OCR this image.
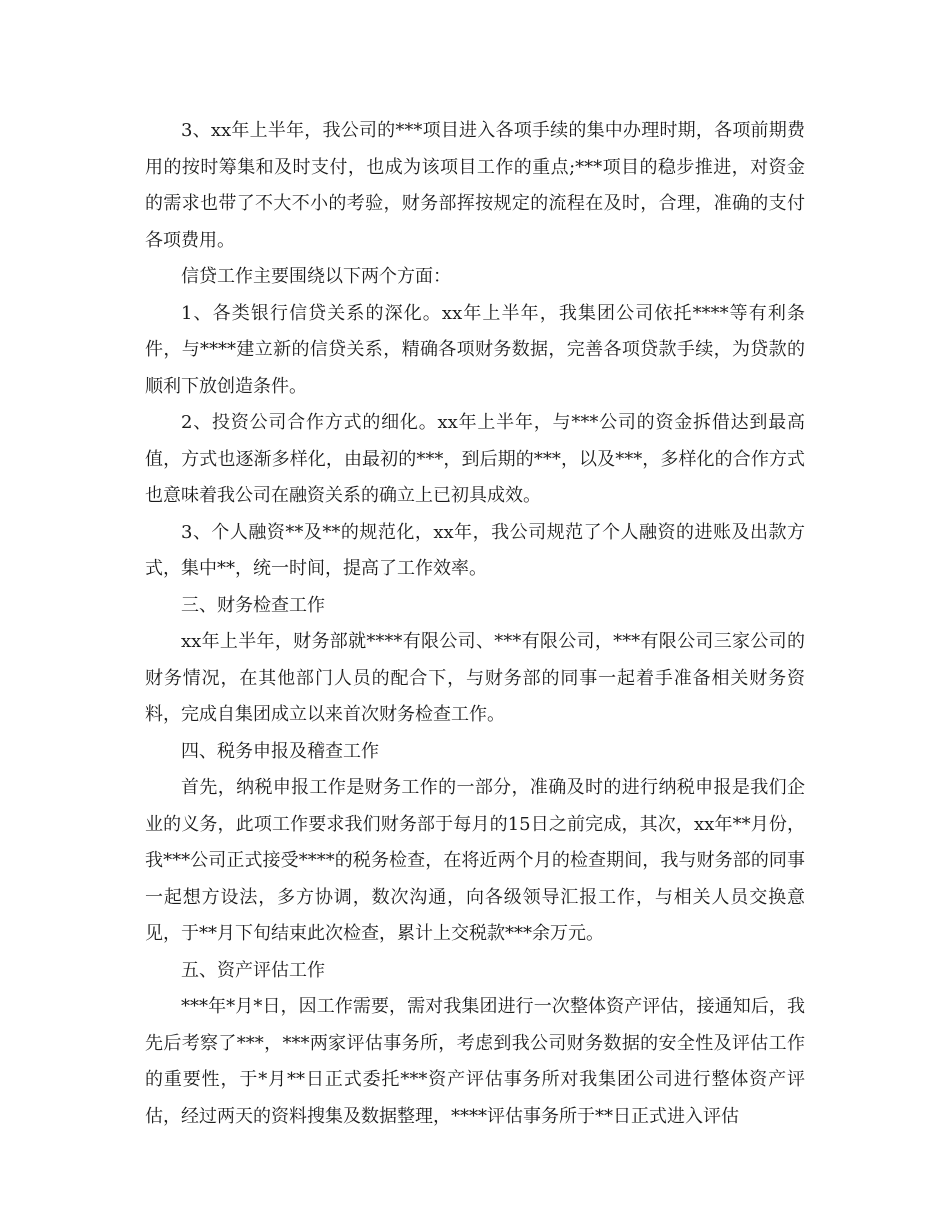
3、xx年上半年，我公司的***项目进入各项手续的集中办理时期，各项前期费用的按时筹集和及时支付，也成为该项目工作的重点;***项目的稳步推进，对资金的需求也带了不大不小的考验，财务部挥按规定的流程在及时，合理，准确的支付各项费用。

信贷工作主要围绕以下两个方面：

1、各类银行信贷关系的深化。xx年上半年，我集团公司依托****等有利条件，与****建立新的信贷关系，精确各项财务数据，完善各项贷款手续，为贷款的顺利下放创造条件。

2、投资公司合作方式的细化。xx年上半年，与***公司的资金拆借达到最高值，方式也逐渐多样化，由最初的***，到后期的***，以及***，多样化的合作方式也意味着我公司在融资关系的确立上已初具成效。

3、个人融资**及**的规范化，xx年，我公司规范了个人融资的进账及出款方式，集中**，统一时间，提高了工作效率。

三、财务检查工作

xx年上半年，财务部就****有限公司、***有限公司，***有限公司三家公司的财务情况，在其他部门人员的配合下，与财务部的同事一起着手准备相关财务资料，完成自集团成立以来首次财务检查工作。

四、税务申报及稽查工作

首先，纳税申报工作是财务工作的一部分，准确及时的进行纳税申报是我们企业的义务，此项工作要求我们财务部于每月的15日之前完成，其次，xx年**月份，我***公司正式接受****的税务检查，在将近两个月的检查期间，我与财务部的同事一起想方设法，多方协调，数次沟通，向各级领导汇报工作，与相关人员交换意见，于**月下旬结束此次检查，累计上交税款***余万元。

五、资产评估工作

***年*月*日，因工作需要，需对我集团进行一次整体资产评估，接通知后，我先后考察了***，***两家评估事务所，考虑到我公司财务数据的安全性及评估工作的重要性，于*月**日正式委托***资产评估事务所对我集团公司进行整体资产评估，经过两天的资料搜集及数据整理，****评估事务所于**日正式进入评估
